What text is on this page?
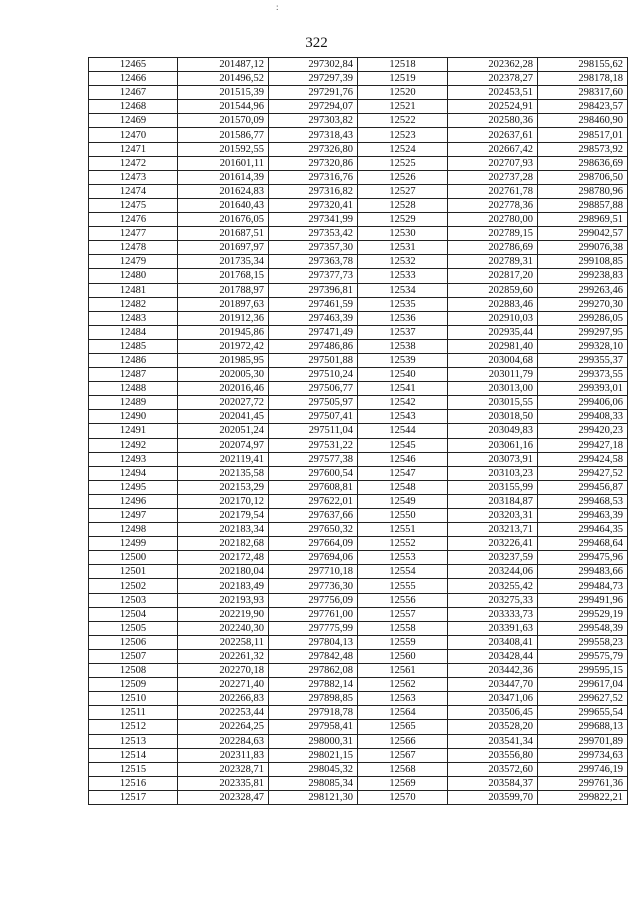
:
322
12465	201487,12	297302,84	12518	202362,28	298155,62
12466	201496,52	297297,39	12519	202378,27	298178,18
12467	201515,39	297291,76	12520	202453,51	298317,60
12468	201544,96	297294,07	12521	202524,91	298423,57
12469	201570,09	297303,82	12522	202580,36	298460,90
12470	201586,77	297318,43	12523	202637,61	298517,01
12471	201592,55	297326,80	12524	202667,42	298573,92
12472	201601,11	297320,86	12525	202707,93	298636,69
12473	201614,39	297316,76	12526	202737,28	298706,50
12474	201624,83	297316,82	12527	202761,78	298780,96
12475	201640,43	297320,41	12528	202778,36	298857,88
12476	201676,05	297341,99	12529	202780,00	298969,51
12477	201687,51	297353,42	12530	202789,15	299042,57
12478	201697,97	297357,30	12531	202786,69	299076,38
12479	201735,34	297363,78	12532	202789,31	299108,85
12480	201768,15	297377,73	12533	202817,20	299238,83
12481	201788,97	297396,81	12534	202859,60	299263,46
12482	201897,63	297461,59	12535	202883,46	299270,30
12483	201912,36	297463,39	12536	202910,03	299286,05
12484	201945,86	297471,49	12537	202935,44	299297,95
12485	201972,42	297486,86	12538	202981,40	299328,10
12486	201985,95	297501,88	12539	203004,68	299355,37
12487	202005,30	297510,24	12540	203011,79	299373,55
12488	202016,46	297506,77	12541	203013,00	299393,01
12489	202027,72	297505,97	12542	203015,55	299406,06
12490	202041,45	297507,41	12543	203018,50	299408,33
12491	202051,24	297511,04	12544	203049,83	299420,23
12492	202074,97	297531,22	12545	203061,16	299427,18
12493	202119,41	297577,38	12546	203073,91	299424,58
12494	202135,58	297600,54	12547	203103,23	299427,52
12495	202153,29	297608,81	12548	203155,99	299456,87
12496	202170,12	297622,01	12549	203184,87	299468,53
12497	202179,54	297637,66	12550	203203,31	299463,39
12498	202183,34	297650,32	12551	203213,71	299464,35
12499	202182,68	297664,09	12552	203226,41	299468,64
12500	202172,48	297694,06	12553	203237,59	299475,96
12501	202180,04	297710,18	12554	203244,06	299483,66
12502	202183,49	297736,30	12555	203255,42	299484,73
12503	202193,93	297756,09	12556	203275,33	299491,96
12504	202219,90	297761,00	12557	203333,73	299529,19
12505	202240,30	297775,99	12558	203391,63	299548,39
12506	202258,11	297804,13	12559	203408,41	299558,23
12507	202261,32	297842,48	12560	203428,44	299575,79
12508	202270,18	297862,08	12561	203442,36	299595,15
12509	202271,40	297882,14	12562	203447,70	299617,04
12510	202266,83	297898,85	12563	203471,06	299627,52
12511	202253,44	297918,78	12564	203506,45	299655,54
12512	202264,25	297958,41	12565	203528,20	299688,13
12513	202284,63	298000,31	12566	203541,34	299701,89
12514	202311,83	298021,15	12567	203556,80	299734,63
12515	202328,71	298045,32	12568	203572,60	299746,19
12516	202335,81	298085,34	12569	203584,37	299761,36
12517	202328,47	298121,30	12570	203599,70	299822,21
